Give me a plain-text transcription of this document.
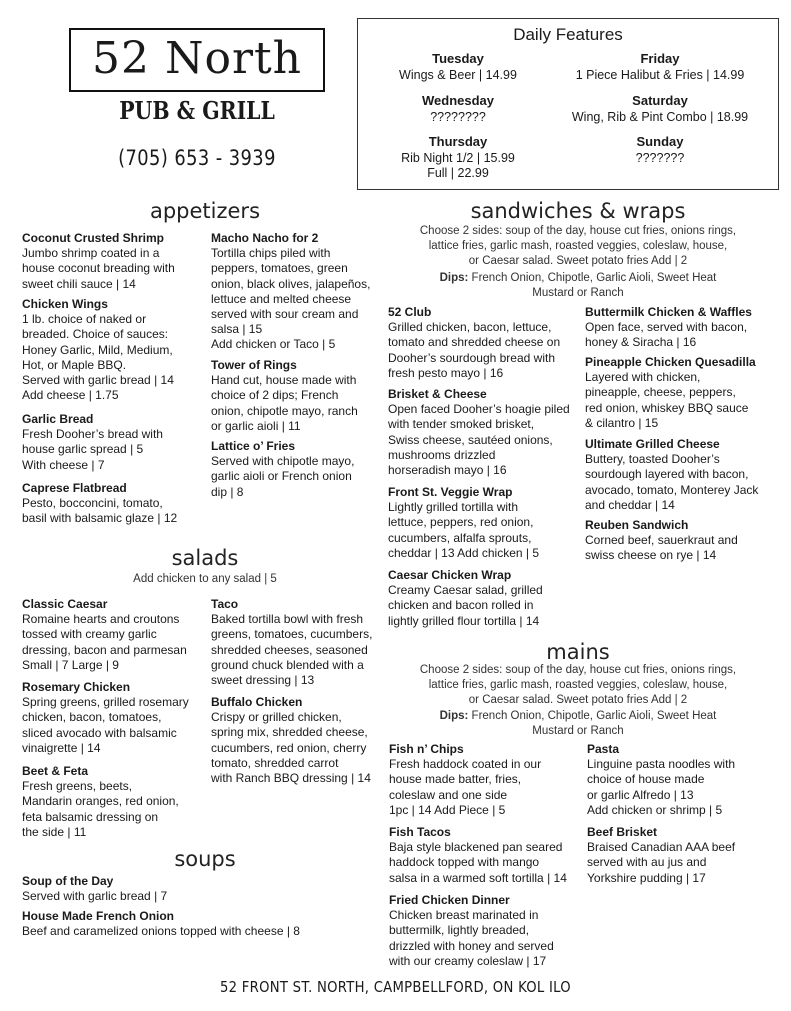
52 North
PUB & GRILL
(705) 653 - 3939
Daily Features
Tuesday
Wings & Beer | 14.99
Friday
1 Piece Halibut & Fries | 14.99
Wednesday
????????
Saturday
Wing, Rib & Pint Combo | 18.99
Thursday
Rib Night 1/2 | 15.99
Full | 22.99
Sunday
???????
appetizers
Coconut Crusted Shrimp
Jumbo shrimp coated in a
house coconut breading with
sweet chili sauce | 14
Chicken Wings
1 lb. choice of naked or
breaded. Choice of sauces:
Honey Garlic, Mild, Medium,
Hot, or Maple BBQ.
Served with garlic bread | 14
Add cheese | 1.75
Garlic Bread
Fresh Dooher’s bread with
house garlic spread | 5
With cheese | 7
Caprese Flatbread
Pesto, bocconcini, tomato,
basil with balsamic glaze | 12
Macho Nacho for 2
Tortilla chips piled with
peppers, tomatoes, green
onion, black olives, jalapeños,
lettuce and melted cheese
served with sour cream and
salsa | 15
Add chicken or Taco | 5
Tower of Rings
Hand cut, house made with
choice of 2 dips; French
onion, chipotle mayo, ranch
or garlic aioli | 11
Lattice o’ Fries
Served with chipotle mayo,
garlic aioli or French onion
dip | 8
salads
Add chicken to any salad | 5
Classic Caesar
Romaine hearts and croutons
tossed with creamy garlic
dressing, bacon and parmesan
Small | 7 Large | 9
Rosemary Chicken
Spring greens, grilled rosemary
chicken, bacon, tomatoes,
sliced avocado with balsamic
vinaigrette | 14
Beet & Feta
Fresh greens, beets,
Mandarin oranges, red onion,
feta balsamic dressing on
the side | 11
Taco
Baked tortilla bowl with fresh
greens, tomatoes, cucumbers,
shredded cheeses, seasoned
ground chuck blended with a
sweet dressing | 13
Buffalo Chicken
Crispy or grilled chicken,
spring mix, shredded cheese,
cucumbers, red onion, cherry
tomato, shredded carrot
with Ranch BBQ dressing | 14
soups
Soup of the Day
Served with garlic bread | 7
House Made French Onion
Beef and caramelized onions topped with cheese | 8
sandwiches & wraps
Choose 2 sides: soup of the day, house cut fries, onions rings,
lattice fries, garlic mash, roasted veggies, coleslaw, house,
or Caesar salad. Sweet potato fries Add | 2
Dips: French Onion, Chipotle, Garlic Aioli, Sweet Heat
Mustard or Ranch
52 Club
Grilled chicken, bacon, lettuce,
tomato and shredded cheese on
Dooher’s sourdough bread with
fresh pesto mayo | 16
Brisket & Cheese
Open faced Dooher’s hoagie piled
with tender smoked brisket,
Swiss cheese, sautéed onions,
mushrooms drizzled
horseradish mayo | 16
Front St. Veggie Wrap
Lightly grilled tortilla with
lettuce, peppers, red onion,
cucumbers, alfalfa sprouts,
cheddar | 13 Add chicken | 5
Caesar Chicken Wrap
Creamy Caesar salad, grilled
chicken and bacon rolled in
lightly grilled flour tortilla | 14
Buttermilk Chicken & Waffles
Open face, served with bacon,
honey & Siracha | 16
Pineapple Chicken Quesadilla
Layered with chicken,
pineapple, cheese, peppers,
red onion, whiskey BBQ sauce
& cilantro | 15
Ultimate Grilled Cheese
Buttery, toasted Dooher’s
sourdough layered with bacon,
avocado, tomato, Monterey Jack
and cheddar | 14
Reuben Sandwich
Corned beef, sauerkraut and
swiss cheese on rye | 14
mains
Choose 2 sides: soup of the day, house cut fries, onions rings,
lattice fries, garlic mash, roasted veggies, coleslaw, house,
or Caesar salad. Sweet potato fries Add | 2
Dips: French Onion, Chipotle, Garlic Aioli, Sweet Heat
Mustard or Ranch
Fish n’ Chips
Fresh haddock coated in our
house made batter, fries,
coleslaw and one side
1pc | 14 Add Piece | 5
Fish Tacos
Baja style blackened pan seared
haddock topped with mango
salsa in a warmed soft tortilla | 14
Fried Chicken Dinner
Chicken breast marinated in
buttermilk, lightly breaded,
drizzled with honey and served
with our creamy coleslaw | 17
Pasta
Linguine pasta noodles with
choice of house made
or garlic Alfredo | 13
Add chicken or shrimp | 5
Beef Brisket
Braised Canadian AAA beef
served with au jus and
Yorkshire pudding | 17
52 FRONT ST. NORTH, CAMPBELLFORD, ON KOL ILO
